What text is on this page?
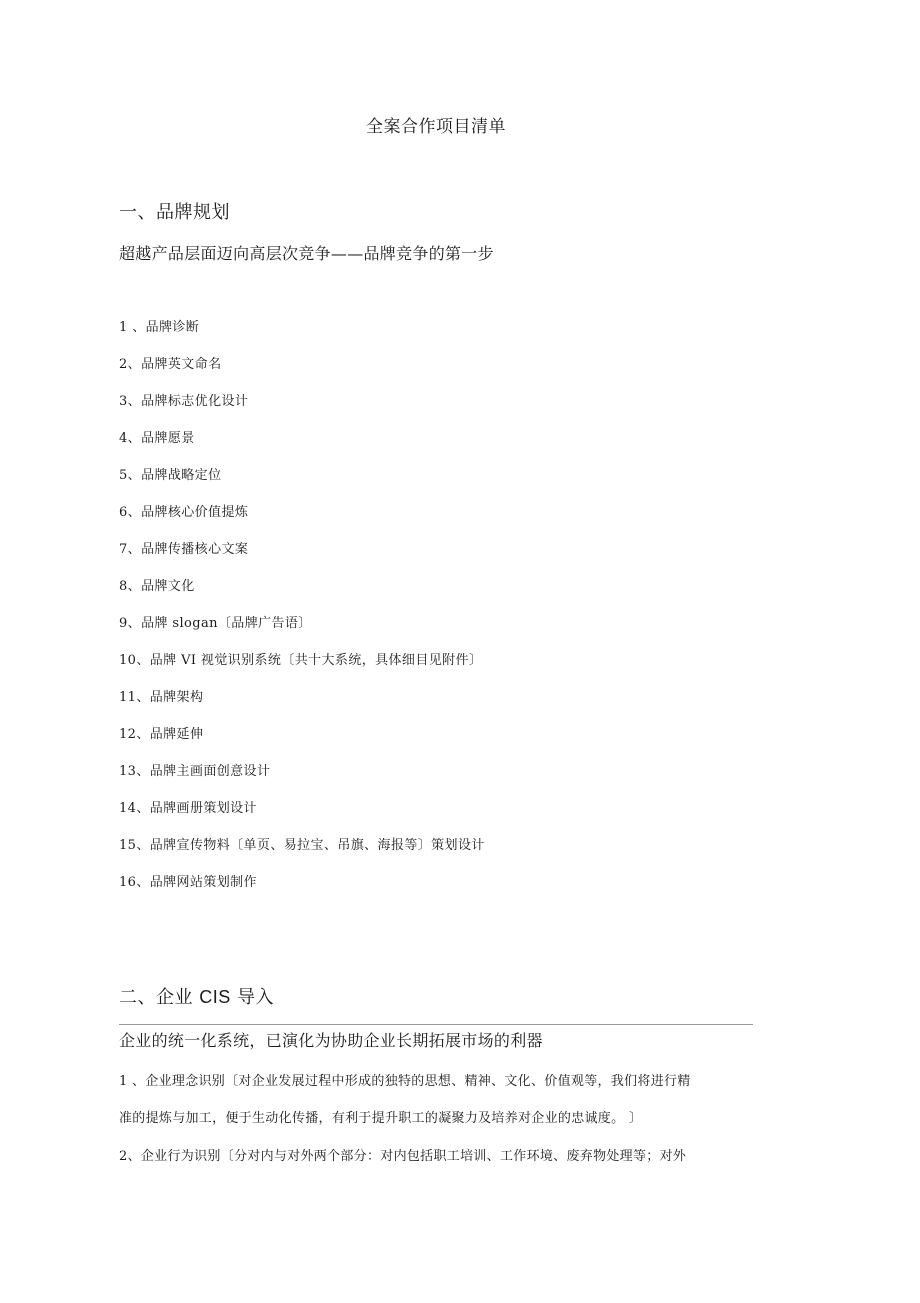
全案合作项目清单
一、品牌规划
超越产品层面迈向高层次竞争——品牌竞争的第一步
1 、品牌诊断
2、品牌英文命名
3、品牌标志优化设计
4、品牌愿景
5、品牌战略定位
6、品牌核心价值提炼
7、品牌传播核心文案
8、品牌文化
9、品牌 slogan〔品牌广告语〕
10、品牌 VI 视觉识别系统〔共十大系统，具体细目见附件〕
11、品牌架构
12、品牌延伸
13、品牌主画面创意设计
14、品牌画册策划设计
15、品牌宣传物料〔单页、易拉宝、吊旗、海报等〕策划设计
16、品牌网站策划制作
二、企业 CIS 导入
企业的统一化系统，已演化为协助企业长期拓展市场的利器
1 、企业理念识别〔对企业发展过程中形成的独特的思想、精神、文化、价值观等，我们将进行精
准的提炼与加工，便于生动化传播，有利于提升职工的凝聚力及培养对企业的忠诚度。 〕
2、企业行为识别〔分对内与对外两个部分：对内包括职工培训、工作环境、废弃物处理等；对外
